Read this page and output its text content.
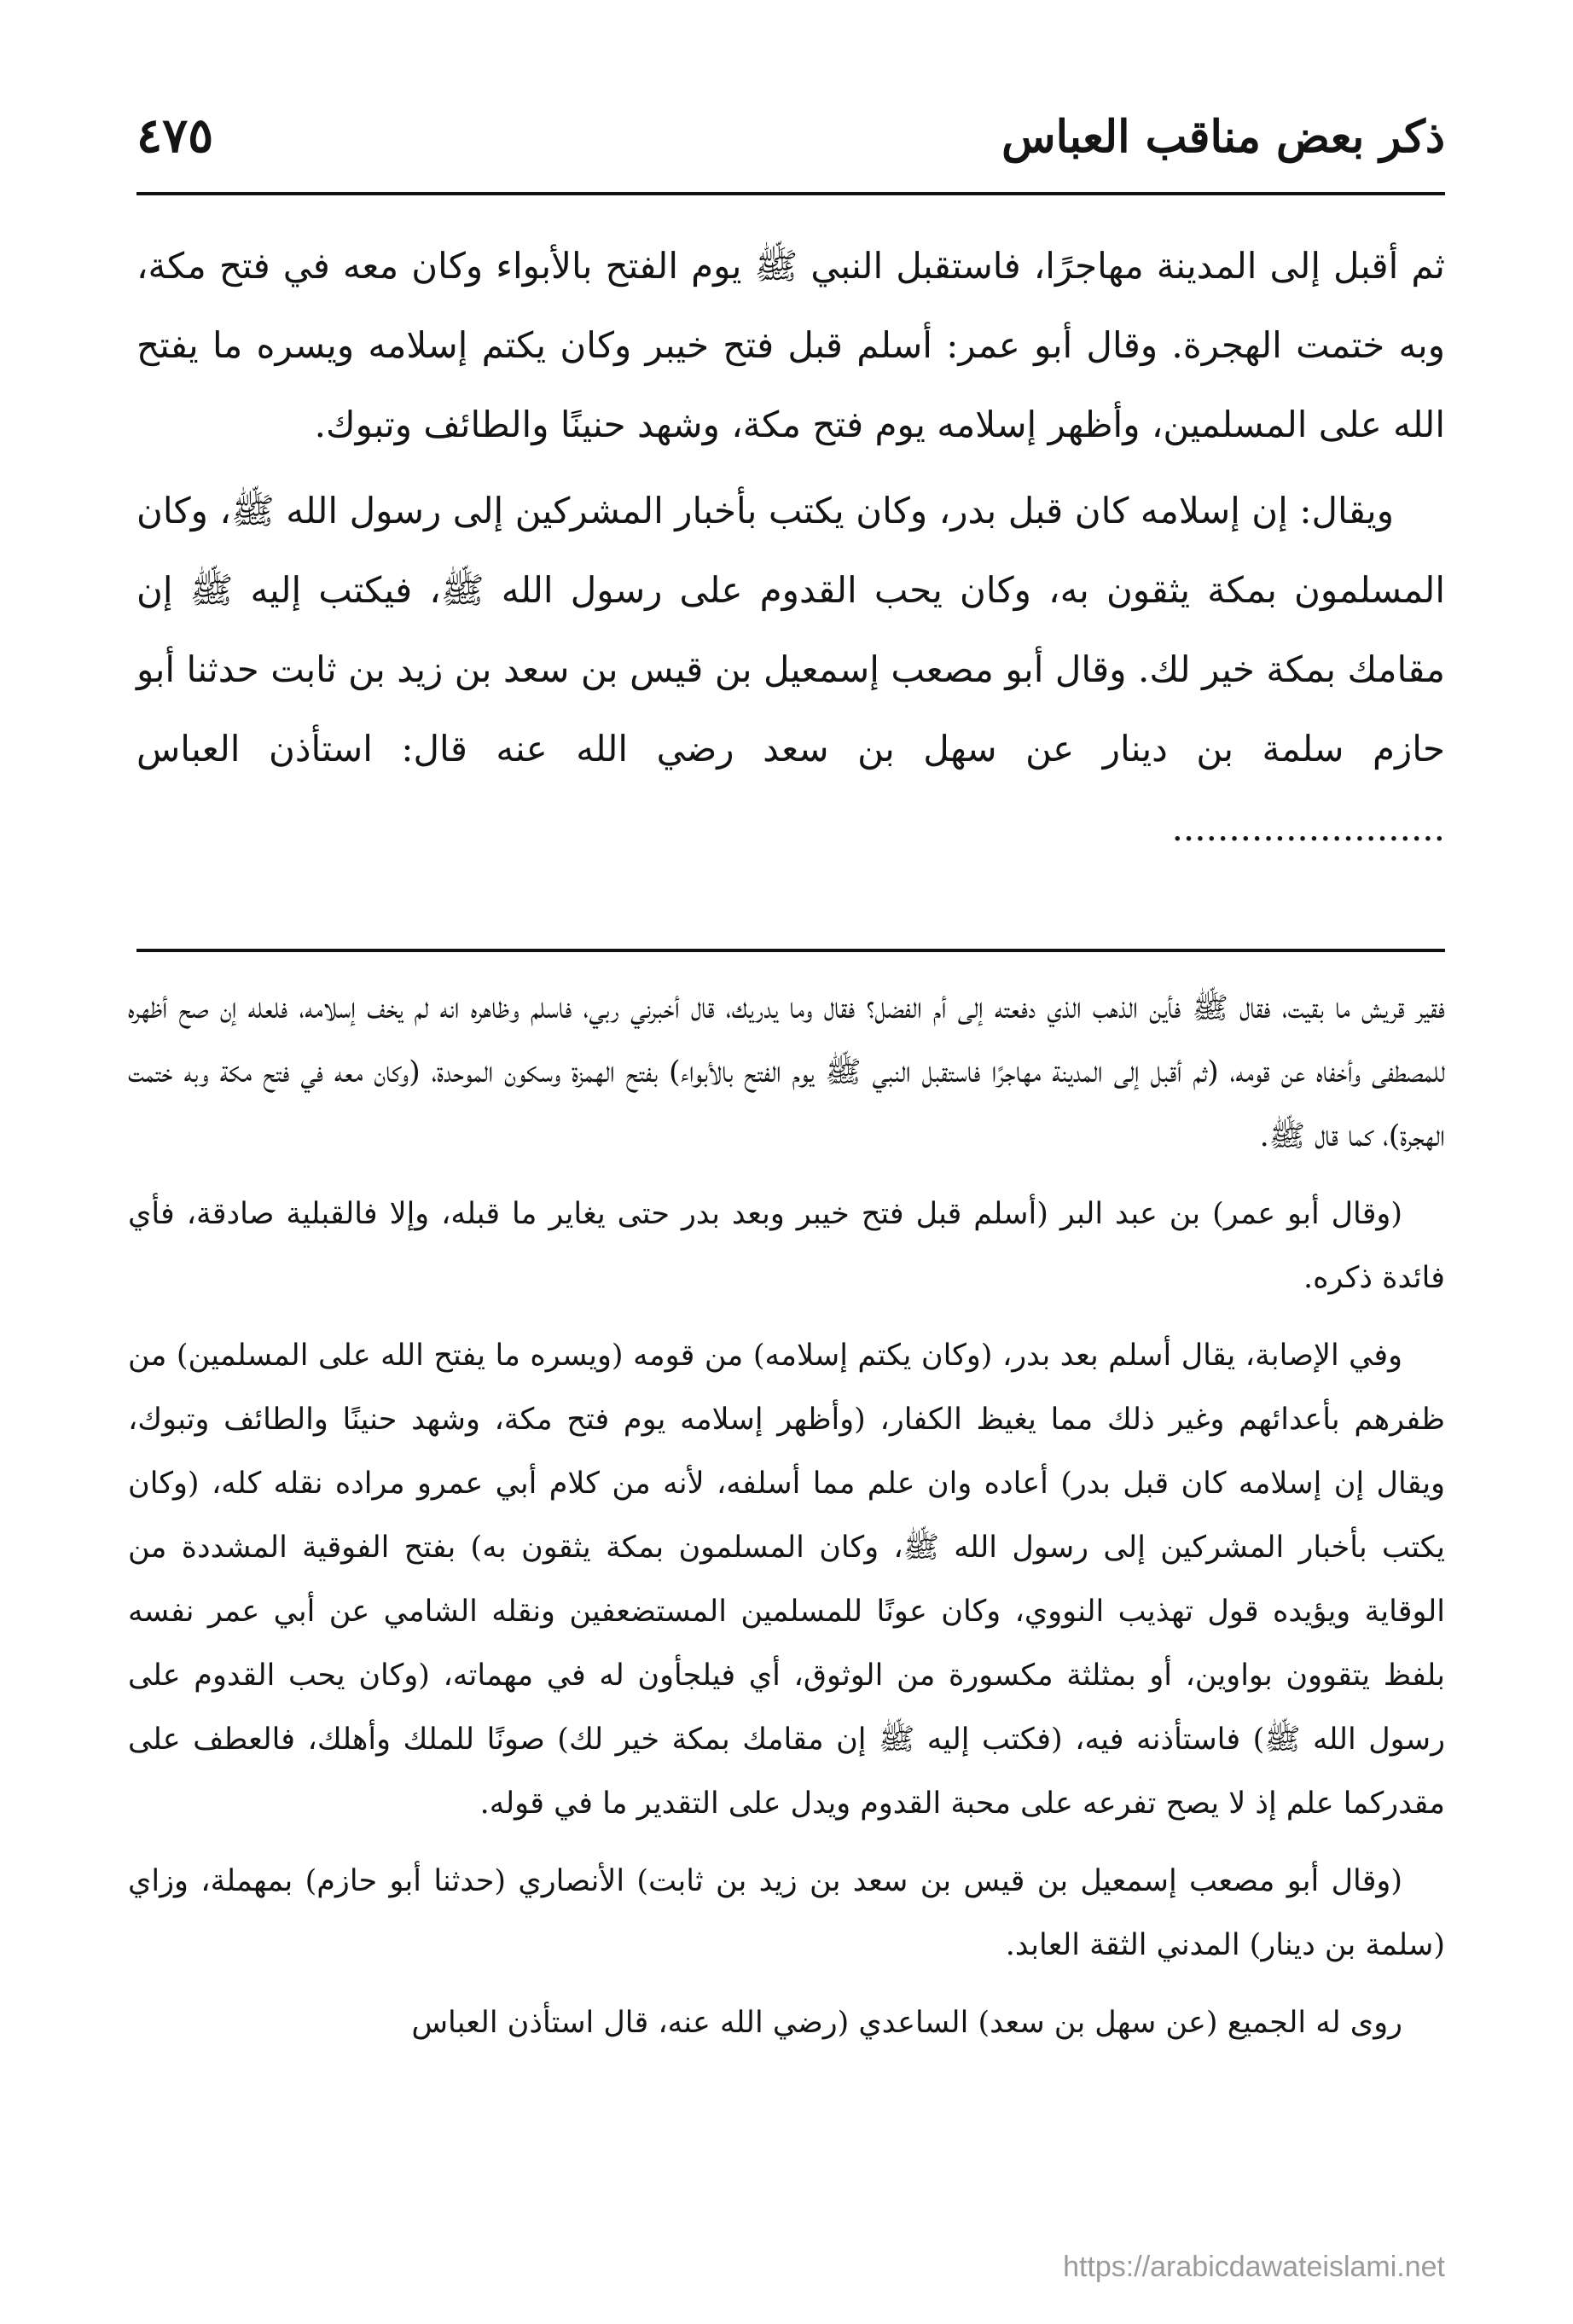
ذكر بعض مناقب العباس
٤٧٥

ثم أقبل إلى المدينة مهاجرًا، فاستقبل النبي ﷺ يوم الفتح بالأبواء وكان معه في فتح مكة، وبه ختمت الهجرة. وقال أبو عمر: أسلم قبل فتح خيبر وكان يكتم إسلامه ويسره ما يفتح الله على المسلمين، وأظهر إسلامه يوم فتح مكة، وشهد حنينًا والطائف وتبوك.

ويقال: إن إسلامه كان قبل بدر، وكان يكتب بأخبار المشركين إلى رسول الله ﷺ، وكان المسلمون بمكة يثقون به، وكان يحب القدوم على رسول الله ﷺ، فيكتب إليه ﷺ إن مقامك بمكة خير لك. وقال أبو مصعب إسمعيل بن قيس بن سعد بن زيد بن ثابت حدثنا أبو حازم سلمة بن دينار عن سهل بن سعد رضي الله عنه قال: استأذن العباس ........................

فقير قريش ما بقيت، فقال ﷺ فأين الذهب الذي دفعته إلى أم الفضل؟ فقال وما يدريك، قال أخبرني ربي، فاسلم وظاهره انه لم يخف إسلامه، فلعله إن صح أظهره للمصطفى وأخفاه عن قومه، (ثم أقبل إلى المدينة مهاجرًا فاستقبل النبي ﷺ يوم الفتح بالأبواء) بفتح الهمزة وسكون الموحدة، (وكان معه في فتح مكة وبه ختمت الهجرة)، كما قال ﷺ.

(وقال أبو عمر) بن عبد البر (أسلم قبل فتح خيبر وبعد بدر حتى يغاير ما قبله، وإلا فالقبلية صادقة، فأي فائدة ذكره.

وفي الإصابة، يقال أسلم بعد بدر، (وكان يكتم إسلامه) من قومه (ويسره ما يفتح الله على المسلمين) من ظفرهم بأعدائهم وغير ذلك مما يغيظ الكفار، (وأظهر إسلامه يوم فتح مكة، وشهد حنينًا والطائف وتبوك، ويقال إن إسلامه كان قبل بدر) أعاده وان علم مما أسلفه، لأنه من كلام أبي عمرو مراده نقله كله، (وكان يكتب بأخبار المشركين إلى رسول الله ﷺ، وكان المسلمون بمكة يثقون به) بفتح الفوقية المشددة من الوقاية ويؤيده قول تهذيب النووي، وكان عونًا للمسلمين المستضعفين ونقله الشامي عن أبي عمر نفسه بلفظ يتقوون بواوين، أو بمثلثة مكسورة من الوثوق، أي فيلجأون له في مهماته، (وكان يحب القدوم على رسول الله ﷺ) فاستأذنه فيه، (فكتب إليه ﷺ إن مقامك بمكة خير لك) صونًا للملك وأهلك، فالعطف على مقدركما علم إذ لا يصح تفرعه على محبة القدوم ويدل على التقدير ما في قوله.

(وقال أبو مصعب إسمعيل بن قيس بن سعد بن زيد بن ثابت) الأنصاري (حدثنا أبو حازم) بمهملة، وزاي (سلمة بن دينار) المدني الثقة العابد.

روى له الجميع (عن سهل بن سعد) الساعدي (رضي الله عنه، قال استأذن العباس

https://arabicdawateislami.net
